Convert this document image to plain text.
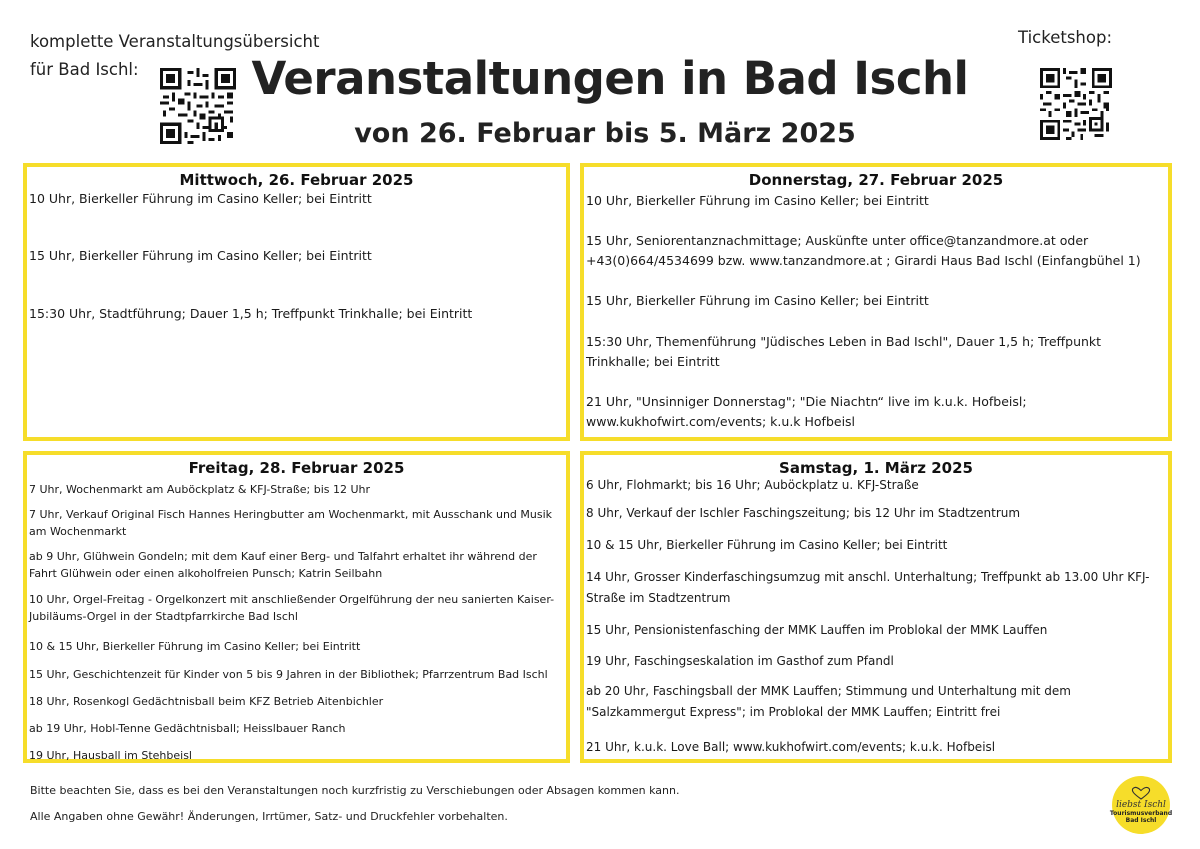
komplette Veranstaltungsübersicht
für Bad Ischl:	Veranstaltungen in Bad Ischl
von 26. Februar bis 5. März 2025
Ticketshop:
Mittwoch, 26. Februar 2025
10 Uhr, Bierkeller Führung im Casino Keller; bei Eintritt
15 Uhr, Bierkeller Führung im Casino Keller; bei Eintritt
15:30 Uhr, Stadtführung; Dauer 1,5 h; Treffpunkt Trinkhalle; bei Eintritt
Donnerstag, 27. Februar 2025
10 Uhr, Bierkeller Führung im Casino Keller; bei Eintritt
15 Uhr, Seniorentanznachmittage; Auskünfte unter office@tanzandmore.at oder +43(0)664/4534699 bzw. www.tanzandmore.at ; Girardi Haus Bad Ischl (Einfangbühel 1)
15 Uhr, Bierkeller Führung im Casino Keller; bei Eintritt
15:30 Uhr, Themenführung "Jüdisches Leben in Bad Ischl", Dauer 1,5 h; Treffpunkt Trinkhalle; bei Eintritt
21 Uhr, "Unsinniger Donnerstag"; "Die Niachtn“ live im k.u.k. Hofbeisl; www.kukhofwirt.com/events; k.u.k Hofbeisl
Freitag, 28. Februar 2025
7 Uhr, Wochenmarkt am Auböckplatz & KFJ-Straße; bis 12 Uhr
7 Uhr, Verkauf Original Fisch Hannes Heringbutter am Wochenmarkt, mit Ausschank und Musik am Wochenmarkt
ab 9 Uhr, Glühwein Gondeln; mit dem Kauf einer Berg- und Talfahrt erhaltet ihr während der Fahrt Glühwein oder einen alkoholfreien Punsch; Katrin Seilbahn
10 Uhr, Orgel-Freitag - Orgelkonzert mit anschließender Orgelführung der neu sanierten Kaiser-Jubiläums-Orgel in der Stadtpfarrkirche Bad Ischl
10 & 15 Uhr, Bierkeller Führung im Casino Keller; bei Eintritt
15 Uhr, Geschichtenzeit für Kinder von 5 bis 9 Jahren in der Bibliothek; Pfarrzentrum Bad Ischl
18 Uhr, Rosenkogl Gedächtnisball beim KFZ Betrieb Aitenbichler
ab 19 Uhr, Hobl-Tenne Gedächtnisball; Heisslbauer Ranch
19 Uhr, Hausball im Stehbeisl
Samstag, 1. März 2025
6 Uhr, Flohmarkt; bis 16 Uhr; Auböckplatz u. KFJ-Straße
8 Uhr, Verkauf der Ischler Faschingszeitung; bis 12 Uhr im Stadtzentrum
10 & 15 Uhr, Bierkeller Führung im Casino Keller; bei Eintritt
14 Uhr, Grosser Kinderfaschingsumzug mit anschl. Unterhaltung; Treffpunkt ab 13.00 Uhr KFJ-Straße im Stadtzentrum
15 Uhr, Pensionistenfasching der MMK Lauffen im Problokal der MMK Lauffen
19 Uhr, Faschingseskalation im Gasthof zum Pfandl
ab 20 Uhr, Faschingsball der MMK Lauffen; Stimmung und Unterhaltung mit dem "Salzkammergut Express"; im Problokal der MMK Lauffen; Eintritt frei
21 Uhr, k.u.k. Love Ball; www.kukhofwirt.com/events; k.u.k. Hofbeisl
Bitte beachten Sie, dass es bei den Veranstaltungen noch kurzfristig zu Verschiebungen oder Absagen kommen kann.
Alle Angaben ohne Gewähr! Änderungen, Irrtümer, Satz- und Druckfehler vorbehalten.
liebst Ischl
Tourismusverband
Bad Ischl
